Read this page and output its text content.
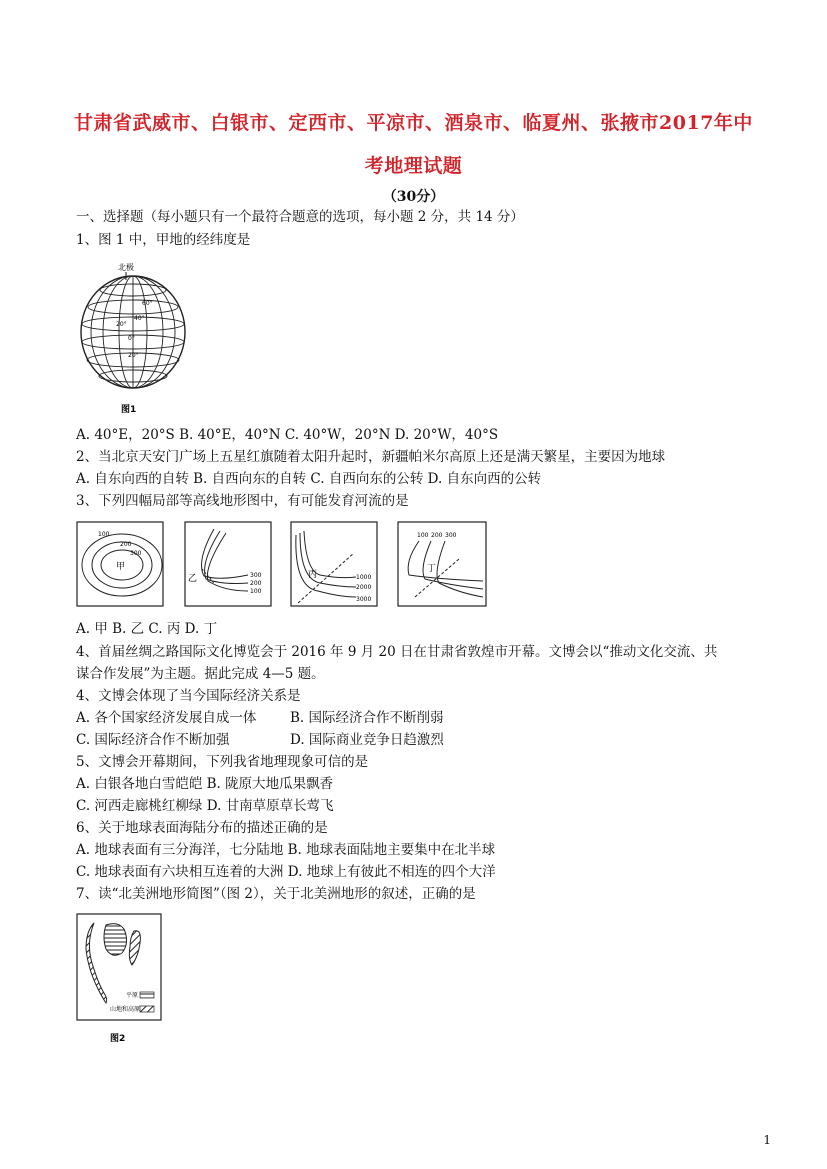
甘肃省武威市、白银市、定西市、平凉市、酒泉市、临夏州、张掖市2017年中
考地理试题
（30分）
一、选择题（每小题只有一个最符合题意的选项，每小题 2 分，共 14 分）
1、图 1 中，甲地的经纬度是
北极
60°
40°
20°
0°
20°
图1
A. 40°E，20°S B. 40°E，40°N C. 40°W，20°N D. 20°W，40°S
2、当北京天安门广场上五星红旗随着太阳升起时，新疆帕米尔高原上还是满天繁星，主要因为地球
A. 自东向西的自转 B. 自西向东的自转 C. 自西向东的公转 D. 自东向西的公转
3、下列四幅局部等高线地形图中，有可能发育河流的是
100
200
300
甲
300
200
100
乙	1000
2000
3000
丙
100 200 300
丁
A. 甲 B. 乙 C. 丙 D. 丁
4、首届丝绸之路国际文化博览会于 2016 年 9 月 20 日在甘肃省敦煌市开幕。文博会以“推动文化交流、共
谋合作发展”为主题。据此完成 4—5 题。
4、文博会体现了当今国际经济关系是
A. 各个国家经济发展自成一体 B. 国际经济合作不断削弱
C. 国际经济合作不断加强	D. 国际商业竞争日趋激烈
5、文博会开幕期间，下列我省地理现象可信的是
A. 白银各地白雪皑皑 B. 陇原大地瓜果飘香
C. 河西走廊桃红柳绿 D. 甘南草原草长莺飞
6、关于地球表面海陆分布的描述正确的是
A. 地球表面有三分海洋，七分陆地 B. 地球表面陆地主要集中在北半球
C. 地球表面有六块相互连着的大洲 D. 地球上有彼此不相连的四个大洋
7、读“北美洲地形简图”（图 2），关于北美洲地形的叙述，正确的是
平原
山地和高原
图2
1
